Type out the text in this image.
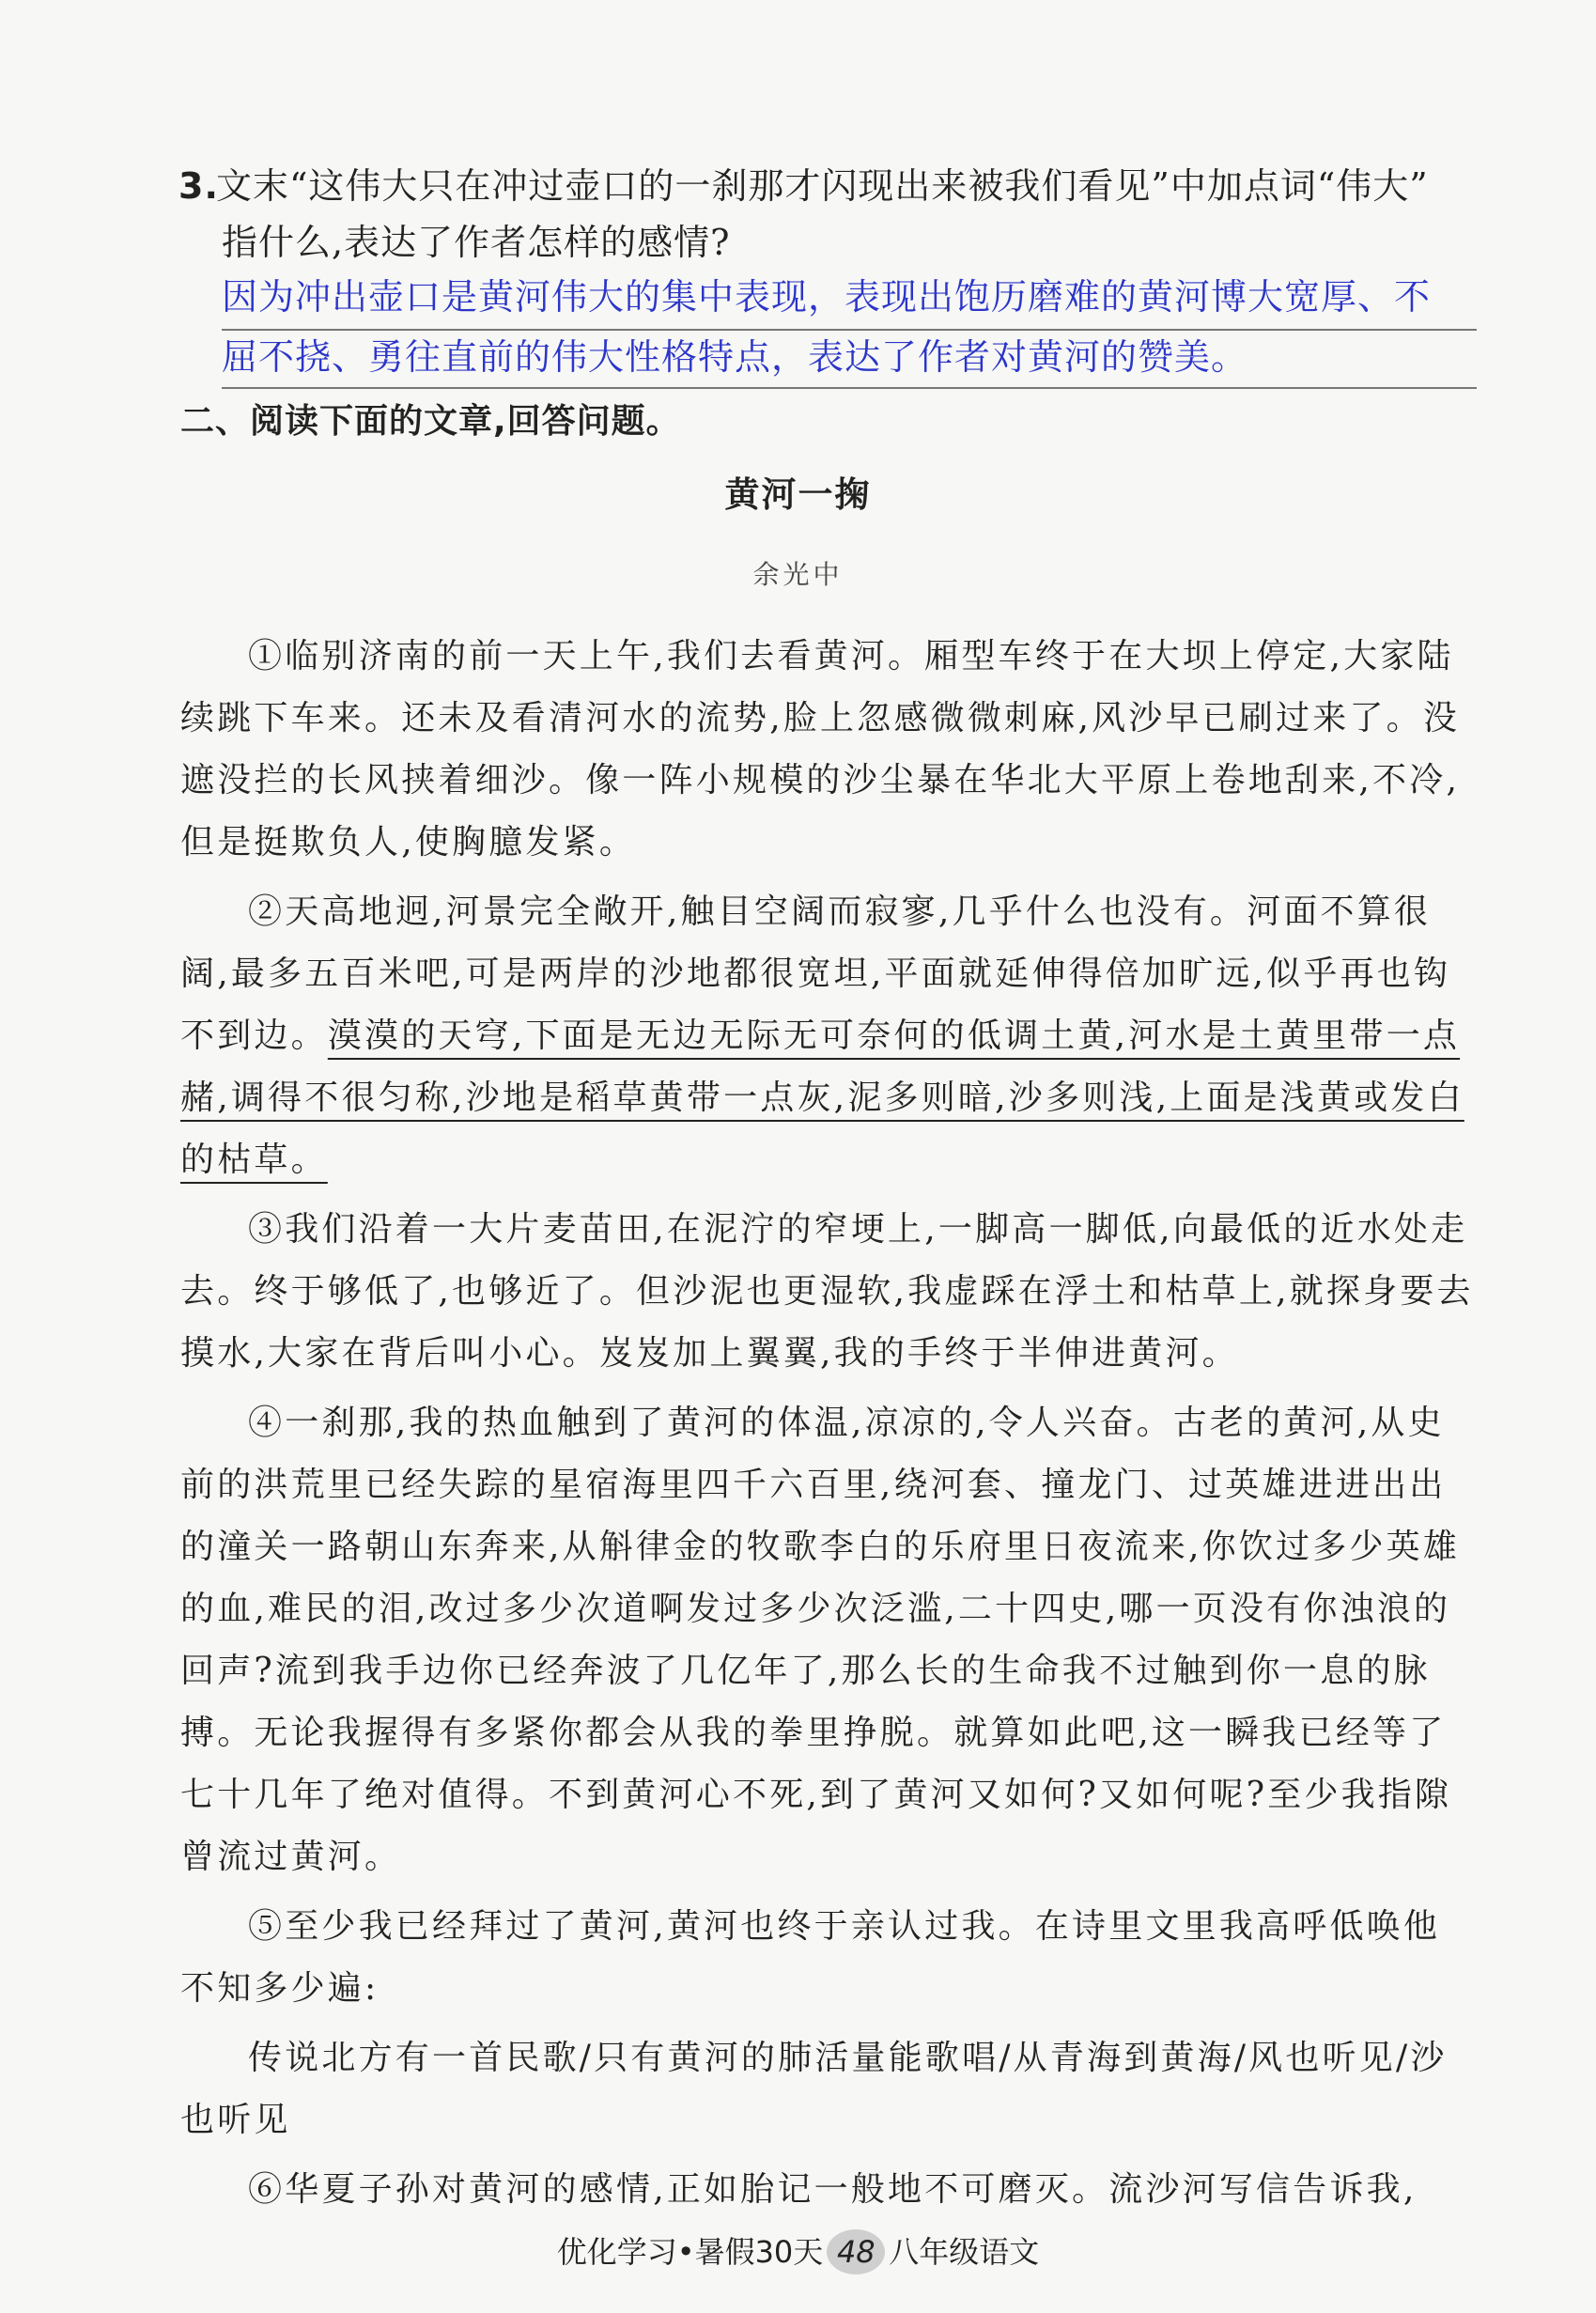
3.文末“这伟大只在冲过壶口的一刹那才闪现出来被我们看见”中加点词“伟大”
指什么,表达了作者怎样的感情?
因为冲出壶口是黄河伟大的集中表现，表现出饱历磨难的黄河博大宽厚、不
屈不挠、勇往直前的伟大性格特点，表达了作者对黄河的赞美。
二、阅读下面的文章,回答问题。
黄河一掬
余光中

①临别济南的前一天上午,我们去看黄河。厢型车终于在大坝上停定,大家陆续跳下车来。还未及看清河水的流势,脸上忽感微微刺麻,风沙早已刷过来了。没遮没拦的长风挟着细沙。像一阵小规模的沙尘暴在华北大平原上卷地刮来,不冷,但是挺欺负人,使胸臆发紧。

②天高地迥,河景完全敞开,触目空阔而寂寥,几乎什么也没有。河面不算很阔,最多五百米吧,可是两岸的沙地都很宽坦,平面就延伸得倍加旷远,似乎再也钩不到边。漠漠的天穹,下面是无边无际无可奈何的低调土黄,河水是土黄里带一点赭,调得不很匀称,沙地是稻草黄带一点灰,泥多则暗,沙多则浅,上面是浅黄或发白的枯草。

③我们沿着一大片麦苗田,在泥泞的窄埂上,一脚高一脚低,向最低的近水处走去。终于够低了,也够近了。但沙泥也更湿软,我虚踩在浮土和枯草上,就探身要去摸水,大家在背后叫小心。岌岌加上翼翼,我的手终于半伸进黄河。

④一刹那,我的热血触到了黄河的体温,凉凉的,令人兴奋。古老的黄河,从史前的洪荒里已经失踪的星宿海里四千六百里,绕河套、撞龙门、过英雄进进出出的潼关一路朝山东奔来,从斛律金的牧歌李白的乐府里日夜流来,你饮过多少英雄的血,难民的泪,改过多少次道啊发过多少次泛滥,二十四史,哪一页没有你浊浪的回声?流到我手边你已经奔波了几亿年了,那么长的生命我不过触到你一息的脉搏。无论我握得有多紧你都会从我的拳里挣脱。就算如此吧,这一瞬我已经等了七十几年了绝对值得。不到黄河心不死,到了黄河又如何?又如何呢?至少我指隙曾流过黄河。

⑤至少我已经拜过了黄河,黄河也终于亲认过我。在诗里文里我高呼低唤他不知多少遍:

传说北方有一首民歌/只有黄河的肺活量能歌唱/从青海到黄海/风也听见/沙也听见

⑥华夏子孙对黄河的感情,正如胎记一般地不可磨灭。流沙河写信告诉我,

优化学习•暑假30天 48 八年级语文
